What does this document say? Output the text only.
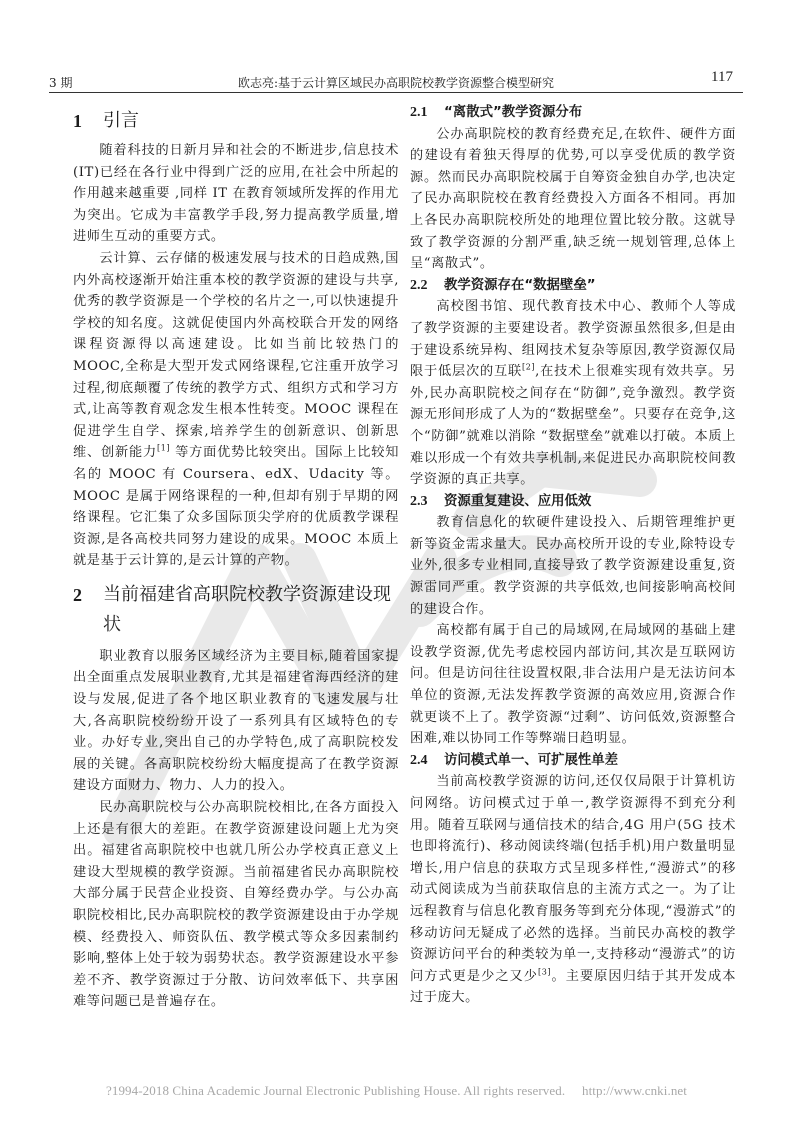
3 期	欧志亮:基于云计算区域民办高职院校教学资源整合模型研究	117
1	引言

随着科技的日新月异和社会的不断进步,信息技术(IT)已经在各行业中得到广泛的应用,在社会中所起的作用越来越重要 ,同样 IT 在教育领域所发挥的作用尤为突出。它成为丰富教学手段,努力提高教学质量,增进师生互动的重要方式。

云计算、云存储的极速发展与技术的日趋成熟,国内外高校逐渐开始注重本校的教学资源的建设与共享,优秀的教学资源是一个学校的名片之一,可以快速提升学校的知名度。这就促使国内外高校联合开发的网络课程资源得以高速建设。比如当前比较热门的 MOOC,全称是大型开发式网络课程,它注重开放学习过程,彻底颠覆了传统的教学方式、组织方式和学习方式,让高等教育观念发生根本性转变。MOOC 课程在促进学生自学、探索,培养学生的创新意识、创新思维、创新能力[1] 等方面优势比较突出。国际上比较知名的 MOOC 有 Coursera、edX、Udacity 等。MOOC 是属于网络课程的一种,但却有别于早期的网络课程。它汇集了众多国际顶尖学府的优质教学课程资源,是各高校共同努力建设的成果。MOOC 本质上就是基于云计算的,是云计算的产物。

2	当前福建省高职院校教学资源建设现状

职业教育以服务区域经济为主要目标,随着国家提出全面重点发展职业教育,尤其是福建省海西经济的建设与发展,促进了各个地区职业教育的飞速发展与壮大,各高职院校纷纷开设了一系列具有区域特色的专业。办好专业,突出自己的办学特色,成了高职院校发展的关键。各高职院校纷纷大幅度提高了在教学资源建设方面财力、物力、人力的投入。

民办高职院校与公办高职院校相比,在各方面投入上还是有很大的差距。在教学资源建设问题上尤为突出。福建省高职院校中也就几所公办学校真正意义上建设大型规模的教学资源。当前福建省民办高职院校大部分属于民营企业投资、自筹经费办学。与公办高职院校相比,民办高职院校的教学资源建设由于办学规模、经费投入、师资队伍、教学模式等众多因素制约影响,整体上处于较为弱势状态。教学资源建设水平参差不齐、教学资源过于分散、访问效率低下、共享困难等问题已是普遍存在。

2.1	“离散式”教学资源分布

公办高职院校的教育经费充足,在软件、硬件方面的建设有着独天得厚的优势,可以享受优质的教学资源。然而民办高职院校属于自筹资金独自办学,也决定了民办高职院校在教育经费投入方面各不相同。再加上各民办高职院校所处的地理位置比较分散。这就导致了教学资源的分割严重,缺乏统一规划管理,总体上呈“离散式”。

2.2	教学资源存在“数据壁垒”

高校图书馆、现代教育技术中心、教师个人等成了教学资源的主要建设者。教学资源虽然很多,但是由于建设系统异构、组网技术复杂等原因,教学资源仅局限于低层次的互联[2],在技术上很难实现有效共享。另外,民办高职院校之间存在“防御”,竞争激烈。教学资源无形间形成了人为的“数据壁垒”。只要存在竞争,这个“防御”就难以消除 “数据壁垒”就难以打破。本质上难以形成一个有效共享机制,来促进民办高职院校间教学资源的真正共享。

2.3	资源重复建设、应用低效

教育信息化的软硬件建设投入、后期管理维护更新等资金需求量大。民办高校所开设的专业,除特设专业外,很多专业相同,直接导致了教学资源建设重复,资源雷同严重。教学资源的共享低效,也间接影响高校间的建设合作。

高校都有属于自己的局域网,在局域网的基础上建设教学资源,优先考虑校园内部访问,其次是互联网访问。但是访问往往设置权限,非合法用户是无法访问本单位的资源,无法发挥教学资源的高效应用,资源合作就更谈不上了。教学资源“过剩”、访问低效,资源整合困难,难以协同工作等弊端日趋明显。

2.4	访问模式单一、可扩展性单差

当前高校教学资源的访问,还仅仅局限于计算机访问网络。访问模式过于单一,教学资源得不到充分利用。随着互联网与通信技术的结合,4G 用户(5G 技术也即将流行)、移动阅读终端(包括手机)用户数量明显增长,用户信息的获取方式呈现多样性,“漫游式”的移动式阅读成为当前获取信息的主流方式之一。为了让远程教育与信息化教育服务等到充分体现,“漫游式”的移动访问无疑成了必然的选择。当前民办高校的教学资源访问平台的种类较为单一,支持移动“漫游式”的访问方式更是少之又少[3]。主要原因归结于其开发成本过于庞大。

?1994-2018 China Academic Journal Electronic Publishing House. All rights reserved. http://www.cnki.net
